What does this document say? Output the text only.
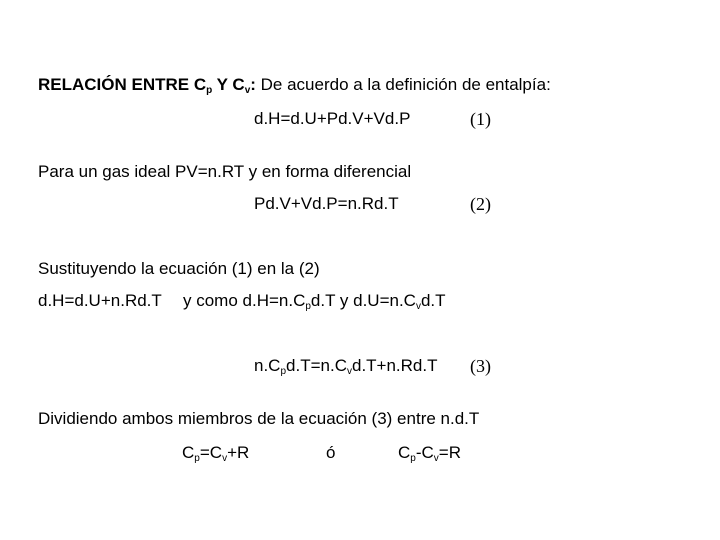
RELACIÓN ENTRE $C_p$ Y $C_v$: De acuerdo a la definición de entalpía:
d.H=d.U+Pd.V+Vd.P	(1)
Para un gas ideal PV=n.RT y en forma diferencial
Pd.V+Vd.P=n.Rd.T	(2)
Sustituyendo la ecuación (1) en la (2)
d.H=d.U+n.Rd.T y como $d.H=n.C_pd.T$ y $d.U=n.C_vd.T$
$n.C_pd.T=n.C_vd.T+n.Rd.T$ (3)
Dividiendo ambos miembros de la ecuación (3) entre n.d.T
$C_p=C_v+R$	ó	$C_p-C_v=R$
